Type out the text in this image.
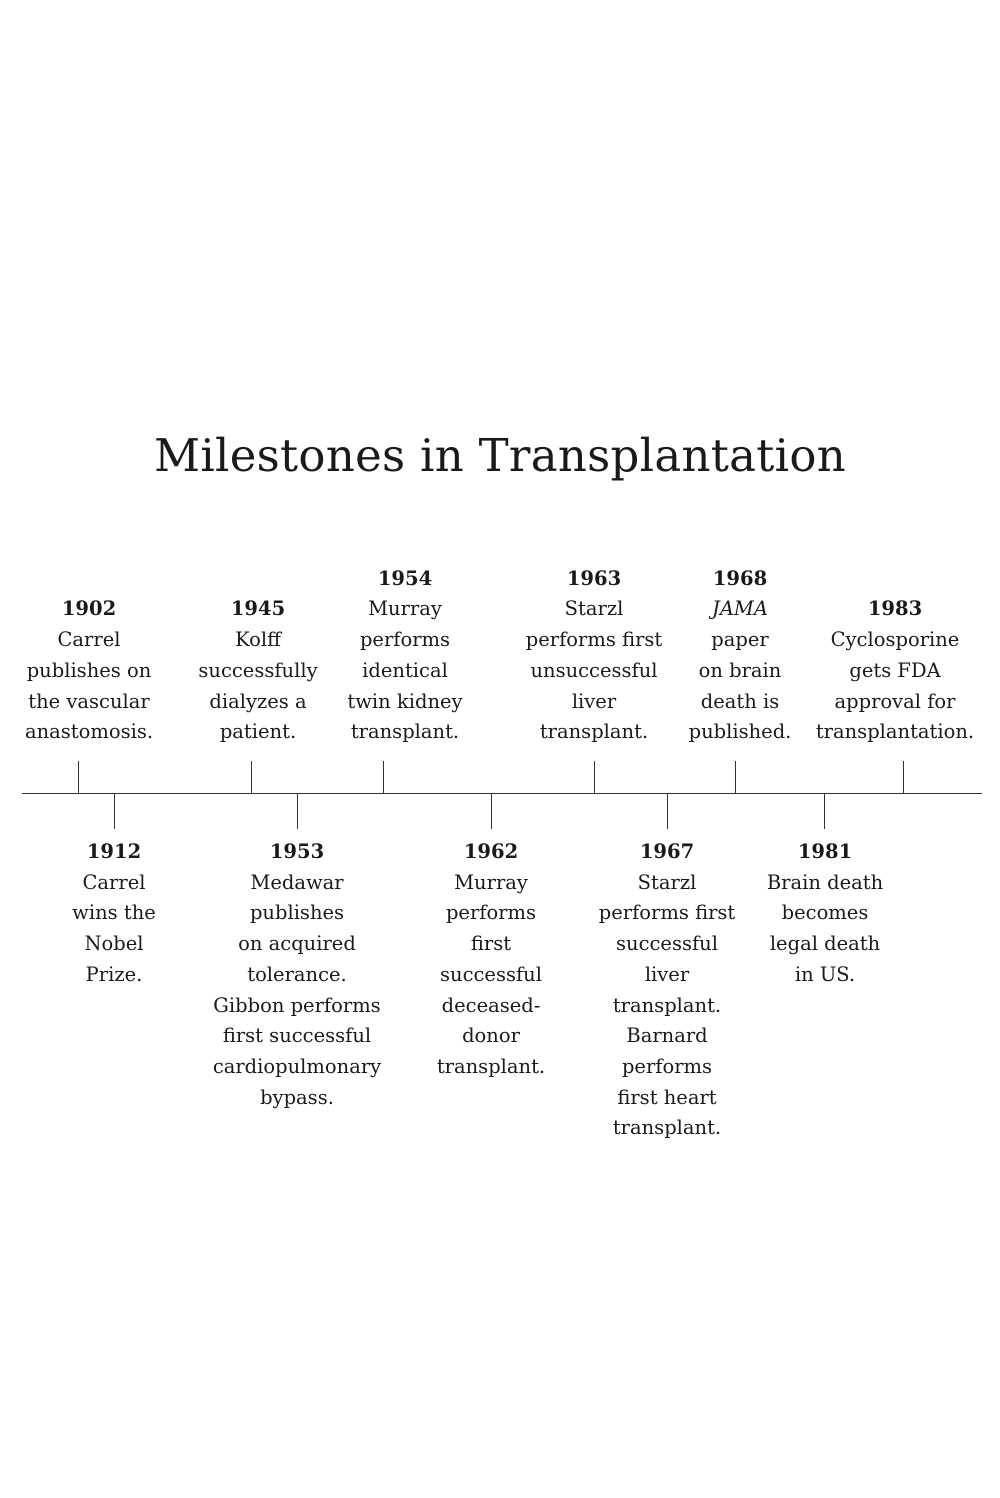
Milestones in Transplantation
1902
Carrel
publishes on
the vascular
anastomosis.
1945
Kolff
successfully
dialyzes a
patient.
1954
Murray
performs
identical
twin kidney
transplant.
1963
Starzl
performs first
unsuccessful
liver
transplant.
1968
JAMA
paper
on brain
death is
published.
1983
Cyclosporine
gets FDA
approval for
transplantation.
1912
Carrel
wins the
Nobel
Prize.
1953
Medawar
publishes
on acquired
tolerance.
Gibbon performs
first successful
cardiopulmonary
bypass.
1962
Murray
performs
first
successful
deceased-
donor
transplant.
1967
Starzl
performs first
successful
liver
transplant.
Barnard
performs
first heart
transplant.
1981
Brain death
becomes
legal death
in US.
